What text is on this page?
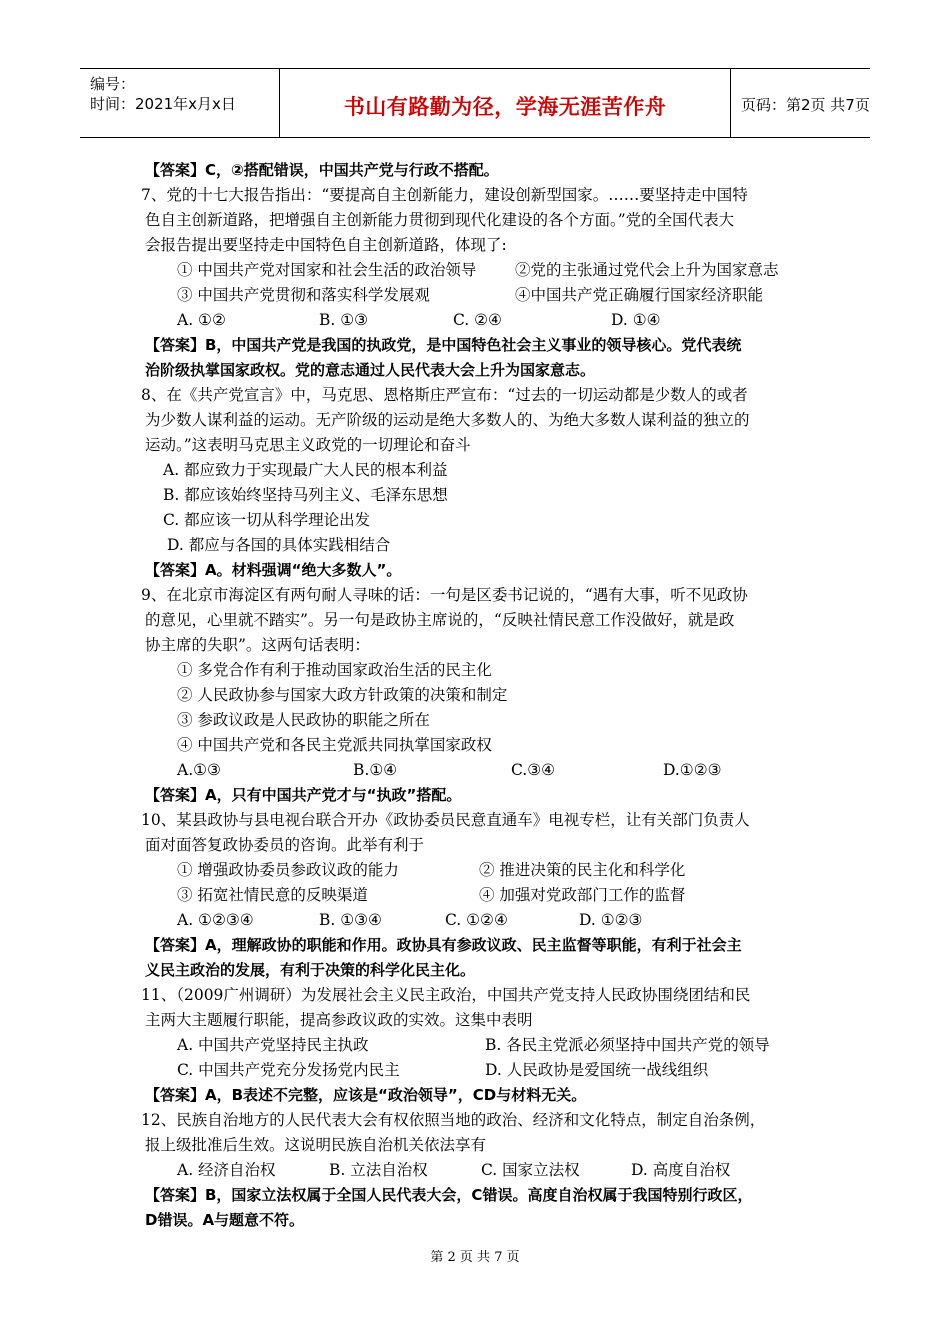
编号：
时间：2021年x月x日	书山有路勤为径，学海无涯苦作舟	页码：第2页 共7页
【答案】C，②搭配错误，中国共产党与行政不搭配。
7、党的十七大报告指出：“要提高自主创新能力，建设创新型国家。……要坚持走中国特
色自主创新道路，把增强自主创新能力贯彻到现代化建设的各个方面。”党的全国代表大
会报告提出要坚持走中国特色自主创新道路，体现了:
① 中国共产党对国家和社会生活的政治领导 ②党的主张通过党代会上升为国家意志
③ 中国共产党贯彻和落实科学发展观	④中国共产党正确履行国家经济职能
A. ①②	B. ①③	C. ②④	D. ①④
【答案】B，中国共产党是我国的执政党，是中国特色社会主义事业的领导核心。党代表统
治阶级执掌国家政权。党的意志通过人民代表大会上升为国家意志。
8、在《共产党宣言》中，马克思、恩格斯庄严宣布：“过去的一切运动都是少数人的或者
为少数人谋利益的运动。无产阶级的运动是绝大多数人的、为绝大多数人谋利益的独立的
运动。”这表明马克思主义政党的一切理论和奋斗
A. 都应致力于实现最广大人民的根本利益
B. 都应该始终坚持马列主义、毛泽东思想
C. 都应该一切从科学理论出发
D. 都应与各国的具体实践相结合
【答案】A。材料强调“绝大多数人”。
9、在北京市海淀区有两句耐人寻味的话：一句是区委书记说的，“遇有大事，听不见政协
的意见，心里就不踏实”。另一句是政协主席说的，“反映社情民意工作没做好，就是政
协主席的失职”。这两句话表明：
① 多党合作有利于推动国家政治生活的民主化
② 人民政协参与国家大政方针政策的决策和制定
③ 参政议政是人民政协的职能之所在
④ 中国共产党和各民主党派共同执掌国家政权
A.①③	B.①④	C.③④	D.①②③
【答案】A，只有中国共产党才与“执政”搭配。
10、某县政协与县电视台联合开办《政协委员民意直通车》电视专栏，让有关部门负责人
面对面答复政协委员的咨询。此举有利于
① 增强政协委员参政议政的能力	② 推进决策的民主化和科学化
③ 拓宽社情民意的反映渠道	④ 加强对党政部门工作的监督
A. ①②③④	B. ①③④	C. ①②④	D. ①②③
【答案】A，理解政协的职能和作用。政协具有参政议政、民主监督等职能，有利于社会主
义民主政治的发展，有利于决策的科学化民主化。
11、（2009广州调研）为发展社会主义民主政治，中国共产党支持人民政协围绕团结和民
主两大主题履行职能，提高参政议政的实效。这集中表明
A. 中国共产党坚持民主执政	B. 各民主党派必须坚持中国共产党的领导
C. 中国共产党充分发扬党内民主	D. 人民政协是爱国统一战线组织
【答案】A，B表述不完整，应该是“政治领导”，CD与材料无关。
12、民族自治地方的人民代表大会有权依照当地的政治、经济和文化特点，制定自治条例，
报上级批准后生效。这说明民族自治机关依法享有
A. 经济自治权	B. 立法自治权	C. 国家立法权	D. 高度自治权
【答案】B，国家立法权属于全国人民代表大会，C错误。高度自治权属于我国特别行政区，
D错误。A与题意不符。
第 2 页 共 7 页
